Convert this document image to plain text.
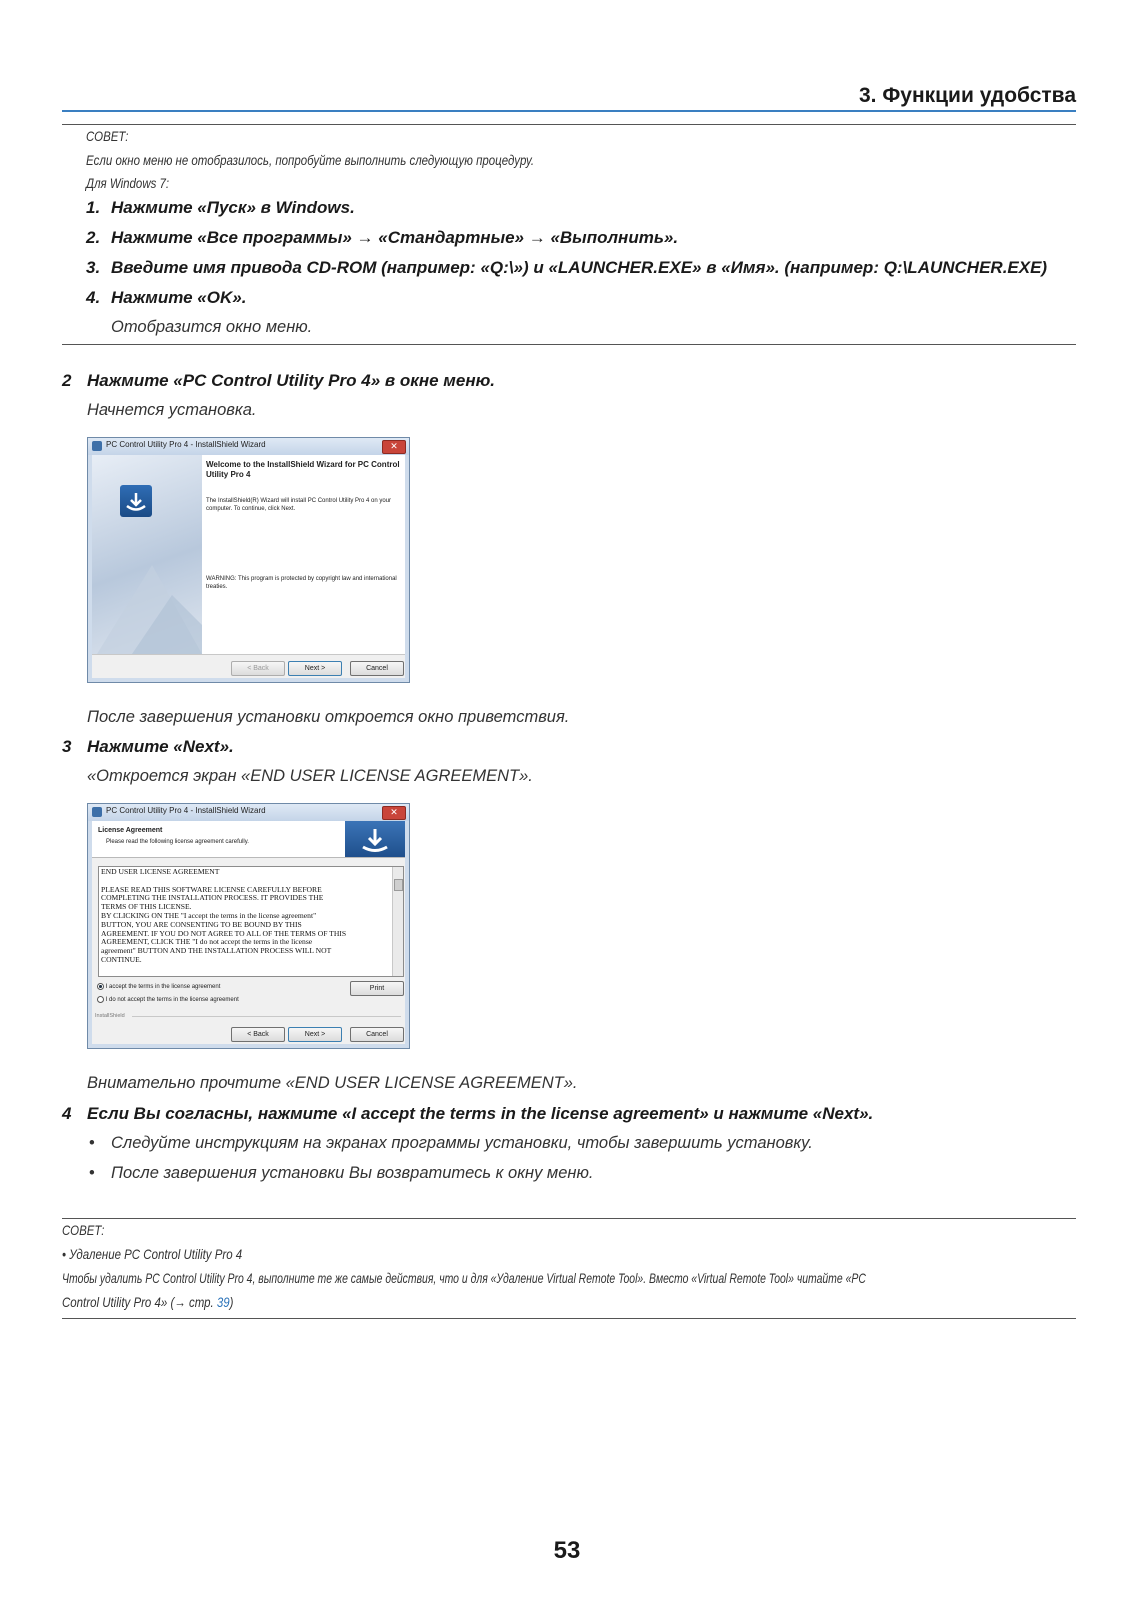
3. Функции удобства
СОВЕТ:
Если окно меню не отобразилось, попробуйте выполнить следующую процедуру.
Для Windows 7:
1. Нажмите «Пуск» в Windows.
2. Нажмите «Все программы» → «Стандартные» → «Выполнить».
3. Введите имя привода CD-ROM (например: «Q:\») и «LAUNCHER.EXE» в «Имя». (например: Q:\LAUNCHER.EXE)
4. Нажмите «OK».
Отобразится окно меню.
2 Нажмите «PC Control Utility Pro 4» в окне меню.
Начнется установка.
PC Control Utility Pro 4 - InstallShield Wizard	✕
Welcome to the InstallShield Wizard for PC Control Utility Pro 4
The InstallShield(R) Wizard will install PC Control Utility Pro 4 on your computer. To continue, click Next.
WARNING: This program is protected by copyright law and international treaties.
< Back	Next >	Cancel
После завершения установки откроется окно приветствия.
3 Нажмите «Next».
«Откроется экран «END USER LICENSE AGREEMENT».
PC Control Utility Pro 4 - InstallShield Wizard	✕
License Agreement
Please read the following license agreement carefully.
END USER LICENSE AGREEMENT

PLEASE READ THIS SOFTWARE LICENSE CAREFULLY BEFORE
COMPLETING THE INSTALLATION PROCESS. IT PROVIDES THE
TERMS OF THIS LICENSE.
BY CLICKING ON THE "I accept the terms in the license agreement"
BUTTON, YOU ARE CONSENTING TO BE BOUND BY THIS
AGREEMENT. IF YOU DO NOT AGREE TO ALL OF THE TERMS OF THIS
AGREEMENT, CLICK THE "I do not accept the terms in the license
agreement" BUTTON AND THE INSTALLATION PROCESS WILL NOT
CONTINUE.
I accept the terms in the license agreement
I do not accept the terms in the license agreement
Print
InstallShield
< Back	Next >	Cancel
Внимательно прочтите «END USER LICENSE AGREEMENT».
4 Если Вы согласны, нажмите «I accept the terms in the license agreement» и нажмите «Next».
• Следуйте инструкциям на экранах программы установки, чтобы завершить установку.
• После завершения установки Вы возвратитесь к окну меню.
СОВЕТ:
• Удаление PC Control Utility Pro 4
Чтобы удалить PC Control Utility Pro 4, выполните те же самые действия, что и для «Удаление Virtual Remote Tool». Вместо «Virtual Remote Tool» читайте «PC
Control Utility Pro 4» (→ стр. 39)
53
